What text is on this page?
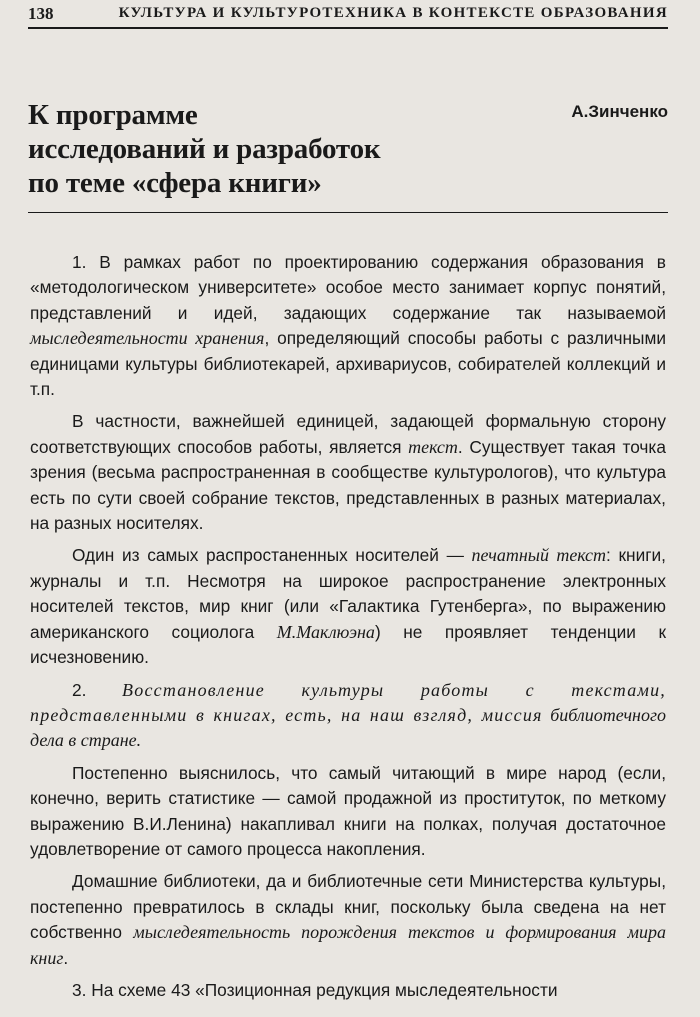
138	КУЛЬТУРА И КУЛЬТУРОТЕХНИКА В КОНТЕКСТЕ ОБРАЗОВАНИЯ
К программе
исследований и разработок
по теме «сфера книги»
А.Зинченко

1. В рамках работ по проектированию содержания образования в «методологическом университете» особое место занимает корпус понятий, представлений и идей, задающих содержание так называемой мыследеятельности хранения, определяющий способы работы с различными единицами культуры библиотекарей, архивариусов, собирателей коллекций и т.п.

В частности, важнейшей единицей, задающей формальную сторону соответствующих способов работы, является текст. Существует такая точка зрения (весьма распространенная в сообществе культурологов), что культура есть по сути своей собрание текстов, представленных в разных материалах, на разных носителях.

Один из самых распростаненных носителей — печатный текст: книги, журналы и т.п. Несмотря на широкое распространение электронных носителей текстов, мир книг (или «Галактика Гутенберга», по выражению американского социолога М.Маклюэна) не проявляет тенденции к исчезновению.

2. Восстановление культуры работы с текстами, представленными в книгах, есть, на наш взгляд, миссия библиотечного дела в стране.

Постепенно выяснилось, что самый читающий в мире народ (если, конечно, верить статистике — самой продажной из проституток, по меткому выражению В.И.Ленина) накапливал книги на полках, получая достаточное удовлетворение от самого процесса накопления.

Домашние библиотеки, да и библиотечные сети Министерства культуры, постепенно превратилось в склады книг, поскольку была сведена на нет собственно мыследеятельность порождения текстов и формирования мира книг.

3. На схеме 43 «Позиционная редукция мыследеятельности
